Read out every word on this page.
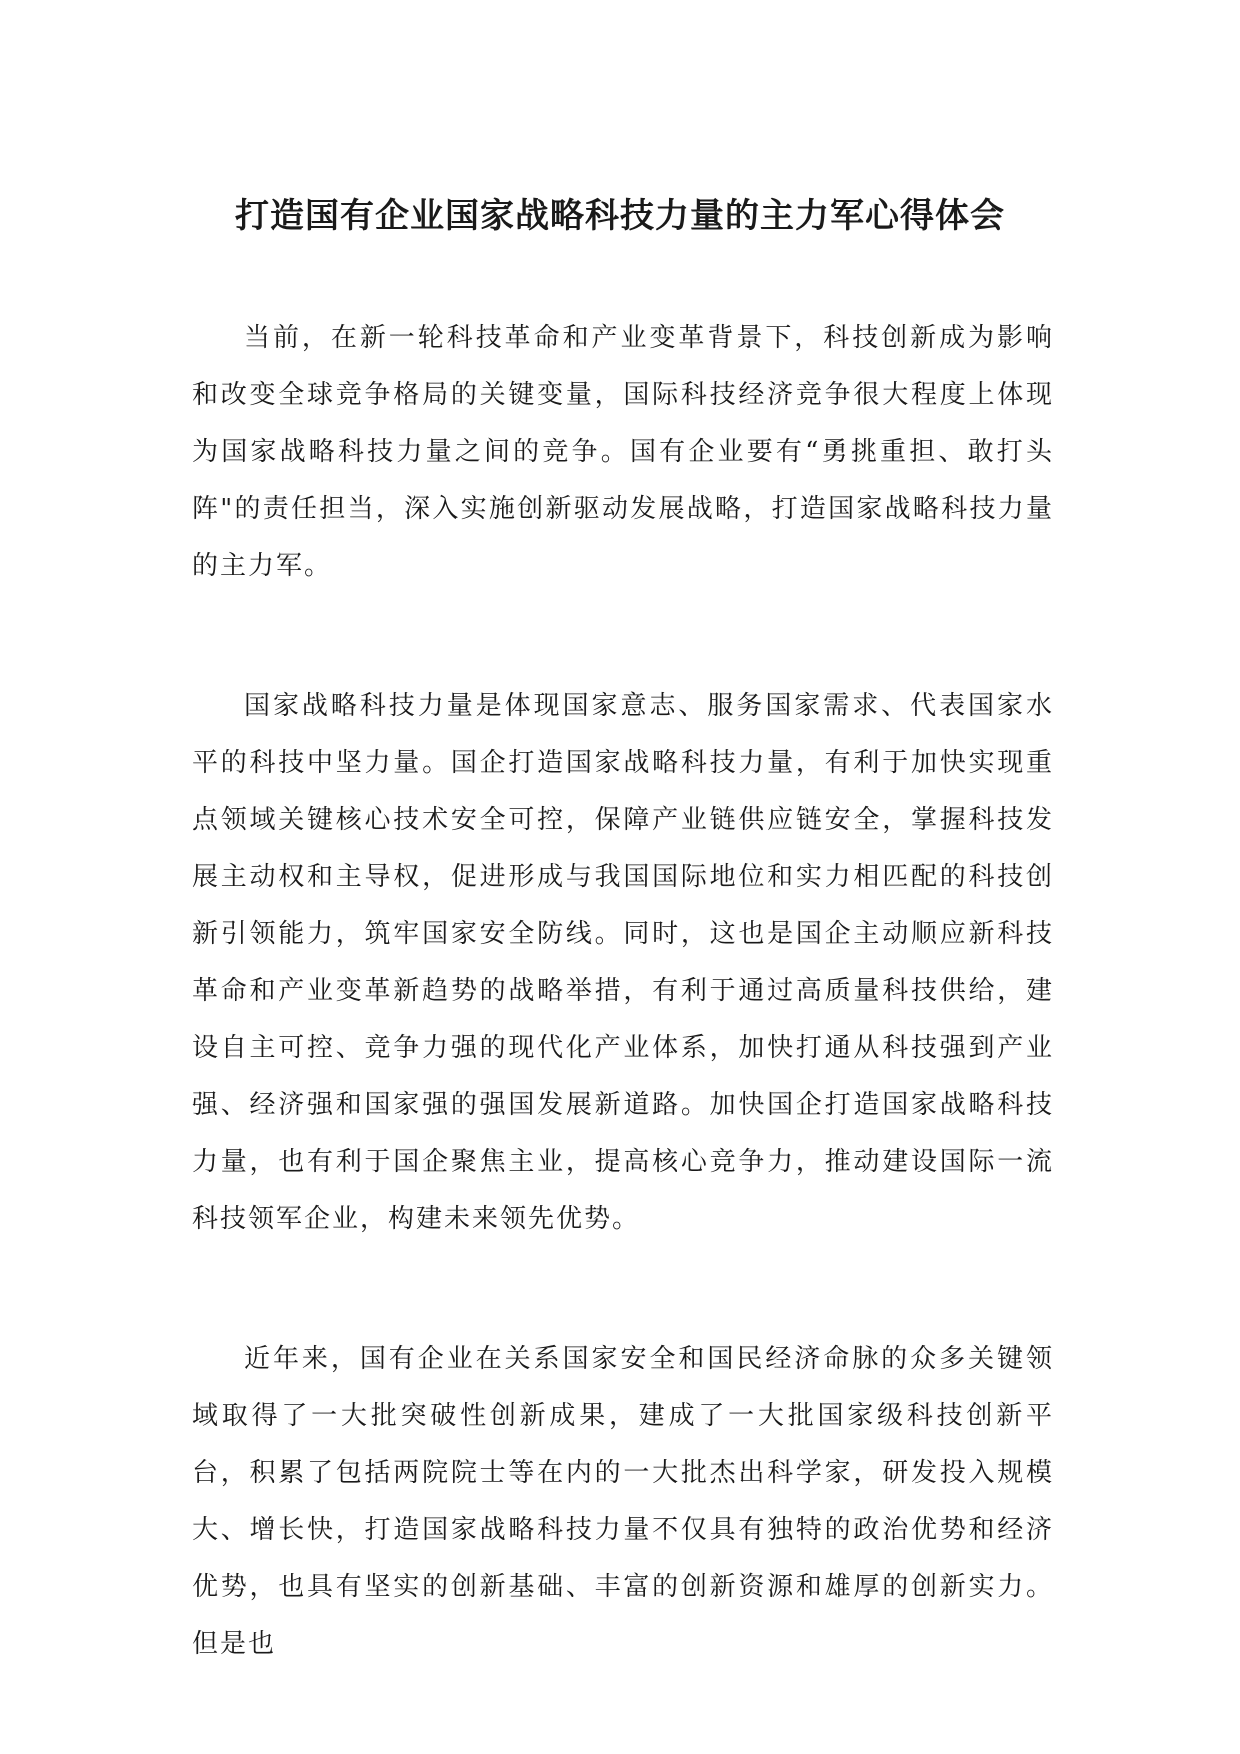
打造国有企业国家战略科技力量的主力军心得体会

当前，在新一轮科技革命和产业变革背景下，科技创新成为影响和改变全球竞争格局的关键变量，国际科技经济竞争很大程度上体现为国家战略科技力量之间的竞争。国有企业要有“勇挑重担、敢打头阵"的责任担当，深入实施创新驱动发展战略，打造国家战略科技力量的主力军。

国家战略科技力量是体现国家意志、服务国家需求、代表国家水平的科技中坚力量。国企打造国家战略科技力量，有利于加快实现重点领域关键核心技术安全可控，保障产业链供应链安全，掌握科技发展主动权和主导权，促进形成与我国国际地位和实力相匹配的科技创新引领能力，筑牢国家安全防线。同时，这也是国企主动顺应新科技革命和产业变革新趋势的战略举措，有利于通过高质量科技供给，建设自主可控、竞争力强的现代化产业体系，加快打通从科技强到产业强、经济强和国家强的强国发展新道路。加快国企打造国家战略科技力量，也有利于国企聚焦主业，提高核心竞争力，推动建设国际一流科技领军企业，构建未来领先优势。

近年来，国有企业在关系国家安全和国民经济命脉的众多关键领域取得了一大批突破性创新成果，建成了一大批国家级科技创新平台，积累了包括两院院士等在内的一大批杰出科学家，研发投入规模大、增长快，打造国家战略科技力量不仅具有独特的政治优势和经济优势，也具有坚实的创新基础、丰富的创新资源和雄厚的创新实力。但是也
